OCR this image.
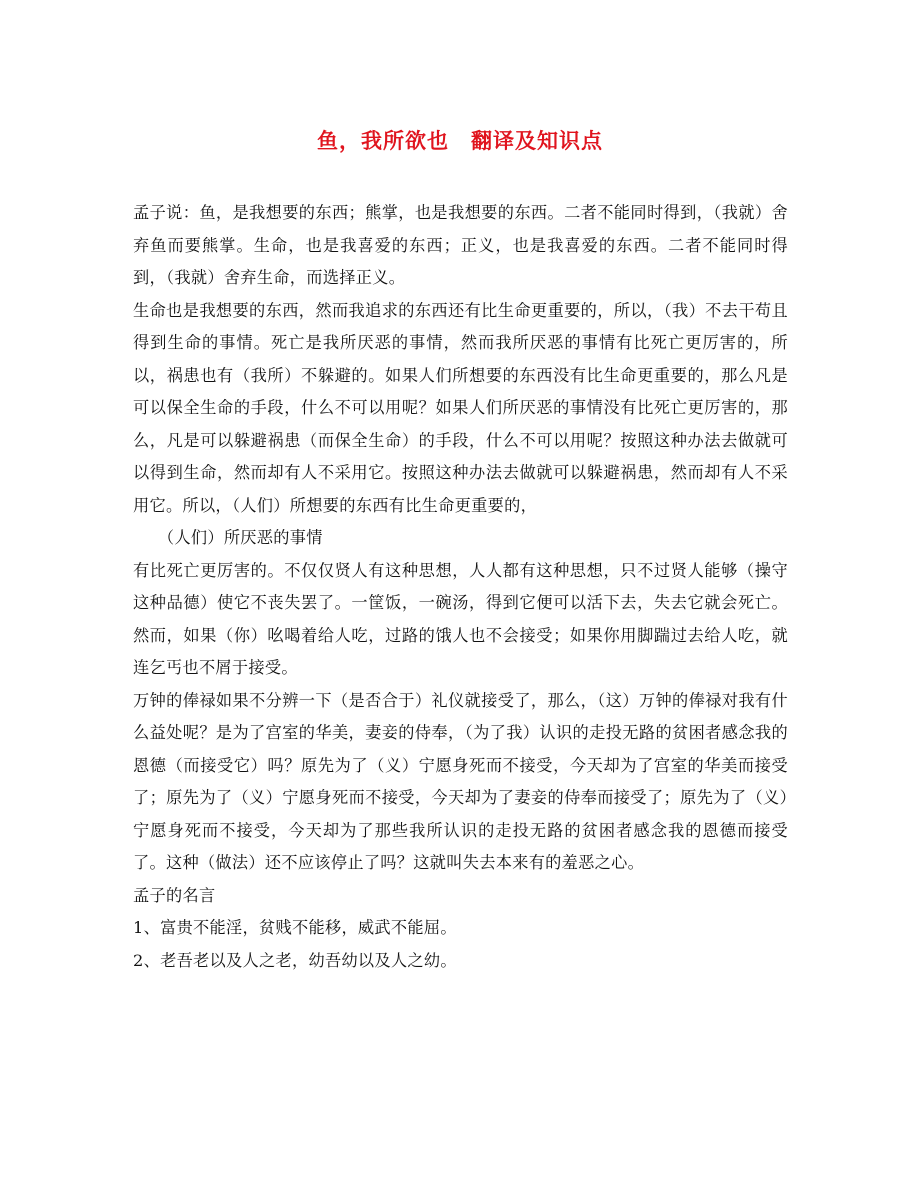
鱼，我所欲也　翻译及知识点

孟子说：鱼，是我想要的东西；熊掌，也是我想要的东西。二者不能同时得到，（我就）舍弃鱼而要熊掌。生命，也是我喜爱的东西；正义，也是我喜爱的东西。二者不能同时得到，（我就）舍弃生命，而选择正义。

生命也是我想要的东西，然而我追求的东西还有比生命更重要的，所以，（我）不去干苟且得到生命的事情。死亡是我所厌恶的事情，然而我所厌恶的事情有比死亡更厉害的，所以，祸患也有（我所）不躲避的。如果人们所想要的东西没有比生命更重要的，那么凡是可以保全生命的手段，什么不可以用呢？如果人们所厌恶的事情没有比死亡更厉害的，那么，凡是可以躲避祸患（而保全生命）的手段，什么不可以用呢？按照这种办法去做就可以得到生命，然而却有人不采用它。按照这种办法去做就可以躲避祸患，然而却有人不采用它。所以，（人们）所想要的东西有比生命更重要的，

　　（人们）所厌恶的事情

有比死亡更厉害的。不仅仅贤人有这种思想，人人都有这种思想，只不过贤人能够（操守这种品德）使它不丧失罢了。一筐饭，一碗汤，得到它便可以活下去，失去它就会死亡。然而，如果（你）吆喝着给人吃，过路的饿人也不会接受；如果你用脚踹过去给人吃，就连乞丐也不屑于接受。

万钟的俸禄如果不分辨一下（是否合于）礼仪就接受了，那么，（这）万钟的俸禄对我有什么益处呢？是为了宫室的华美，妻妾的侍奉，（为了我）认识的走投无路的贫困者感念我的恩德（而接受它）吗？原先为了（义）宁愿身死而不接受，今天却为了宫室的华美而接受了；原先为了（义）宁愿身死而不接受，今天却为了妻妾的侍奉而接受了；原先为了（义）宁愿身死而不接受，今天却为了那些我所认识的走投无路的贫困者感念我的恩德而接受了。这种（做法）还不应该停止了吗？这就叫失去本来有的羞恶之心。

孟子的名言

1、富贵不能淫，贫贱不能移，威武不能屈。

2、老吾老以及人之老，幼吾幼以及人之幼。
